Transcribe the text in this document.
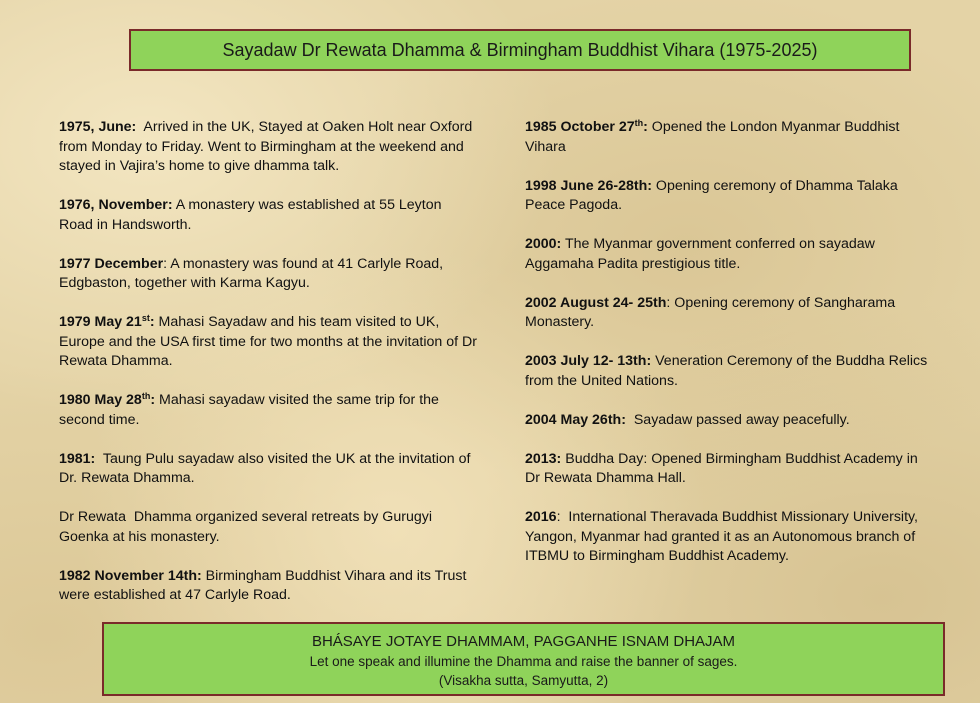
Sayadaw Dr Rewata Dhamma & Birmingham Buddhist Vihara (1975-2025)
1975, June:  Arrived in the UK, Stayed at Oaken Holt near Oxford from Monday to Friday. Went to Birmingham at the weekend and stayed in Vajira’s home to give dhamma talk.
1976, November: A monastery was established at 55 Leyton Road in Handsworth.
1977 December: A monastery was found at 41 Carlyle Road, Edgbaston, together with Karma Kagyu.
1979 May 21st: Mahasi Sayadaw and his team visited to UK, Europe and the USA first time for two months at the invitation of Dr Rewata Dhamma.
1980 May 28th: Mahasi sayadaw visited the same trip for the second time.
1981:  Taung Pulu sayadaw also visited the UK at the invitation of Dr. Rewata Dhamma.
Dr Rewata  Dhamma organized several retreats by Gurugyi Goenka at his monastery.
1982 November 14th: Birmingham Buddhist Vihara and its Trust were established at 47 Carlyle Road.
1985 October 27th: Opened the London Myanmar Buddhist Vihara
1998 June 26-28th: Opening ceremony of Dhamma Talaka Peace Pagoda.
2000: The Myanmar government conferred on sayadaw Aggamaha Padita prestigious title.
2002 August 24- 25th: Opening ceremony of Sangharama Monastery.
2003 July 12- 13th: Veneration Ceremony of the Buddha Relics from the United Nations.
2004 May 26th:  Sayadaw passed away peacefully.
2013: Buddha Day: Opened Birmingham Buddhist Academy in Dr Rewata Dhamma Hall.
2016:  International Theravada Buddhist Missionary University, Yangon, Myanmar had granted it as an Autonomous branch of ITBMU to Birmingham Buddhist Academy.
BHÁSAYE JOTAYE DHAMMAM, PAGGANHE ISNAM DHAJAM
Let one speak and illumine the Dhamma and raise the banner of sages.
(Visakha sutta, Samyutta, 2)
